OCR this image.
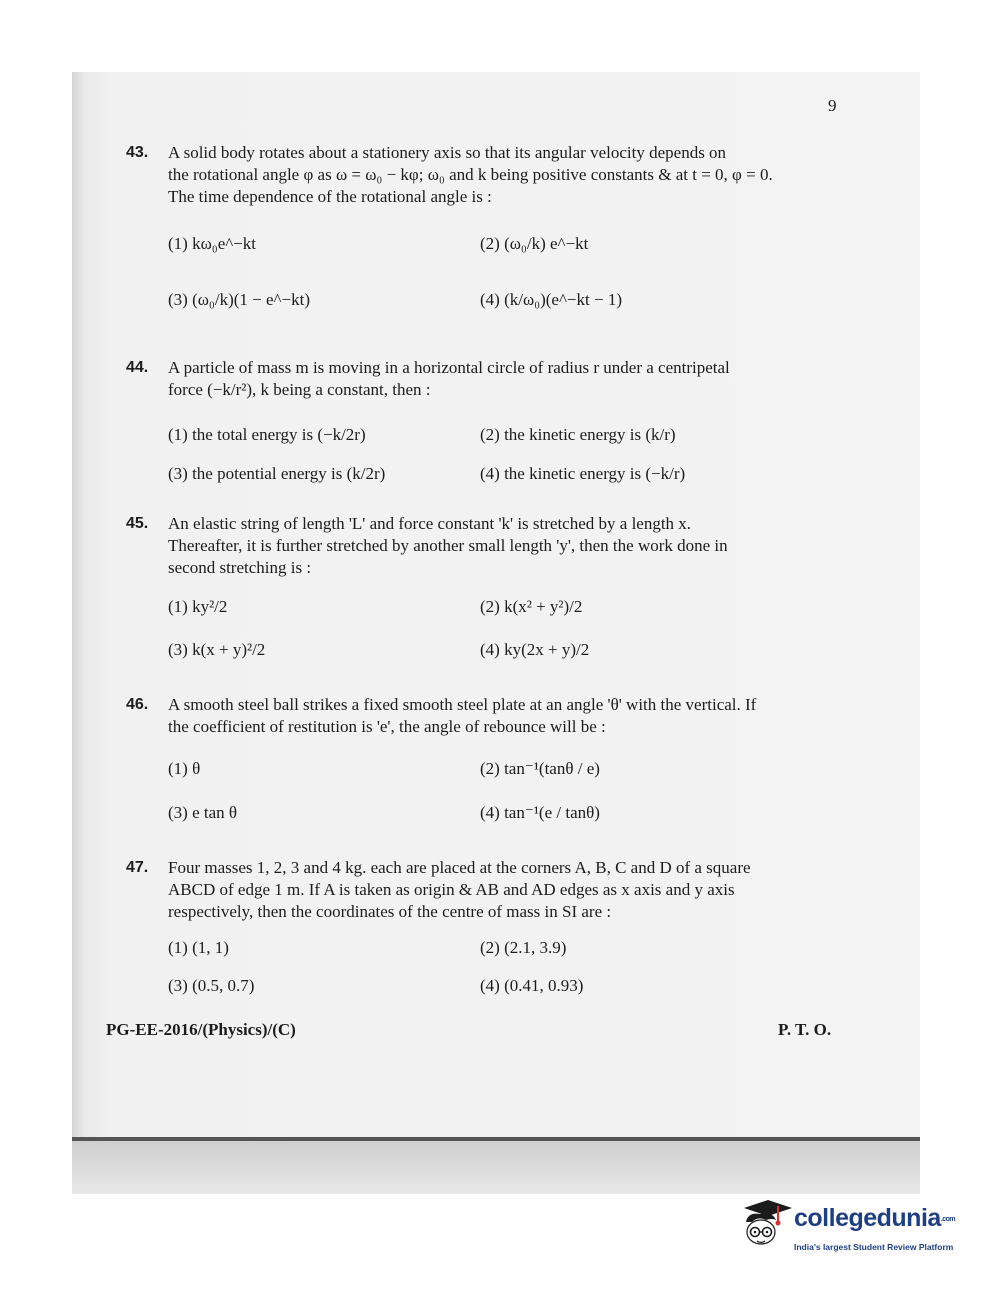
9
43. A solid body rotates about a stationery axis so that its angular velocity depends on

the rotational angle φ as ω = ω₀ − kφ; ω₀ and k being positive constants & at t = 0, φ = 0.

The time dependence of the rotational angle is :

(1) kω₀e^−kt	(2) (ω₀/k) e^−kt
(3) (ω₀/k)(1 − e^−kt)	(4) (k/ω₀)(e^−kt − 1)
44. A particle of mass m is moving in a horizontal circle of radius r under a centripetal

force (−k/r²), k being a constant, then :

(1) the total energy is (−k/2r)	(2) the kinetic energy is (k/r)
(3) the potential energy is (k/2r)	(4) the kinetic energy is (−k/r)
45. An elastic string of length 'L' and force constant 'k' is stretched by a length x.

Thereafter, it is further stretched by another small length 'y', then the work done in

second stretching is :

(1) ky²/2	(2) k(x² + y²)/2
(3) k(x + y)²/2	(4) ky(2x + y)/2
46. A smooth steel ball strikes a fixed smooth steel plate at an angle 'θ' with the vertical. If

the coefficient of restitution is 'e', the angle of rebounce will be :

(1) θ	(2) tan⁻¹(tanθ / e)
(3) e tan θ	(4) tan⁻¹(e / tanθ)
47. Four masses 1, 2, 3 and 4 kg. each are placed at the corners A, B, C and D of a square

ABCD of edge 1 m. If A is taken as origin & AB and AD edges as x axis and y axis

respectively, then the coordinates of the centre of mass in SI are :

(1) (1, 1)	(2) (2.1, 3.9)
(3) (0.5, 0.7)	(4) (0.41, 0.93)
PG-EE-2016/(Physics)/(C)	P. T. O.
collegedunia.com
India's largest Student Review Platform
